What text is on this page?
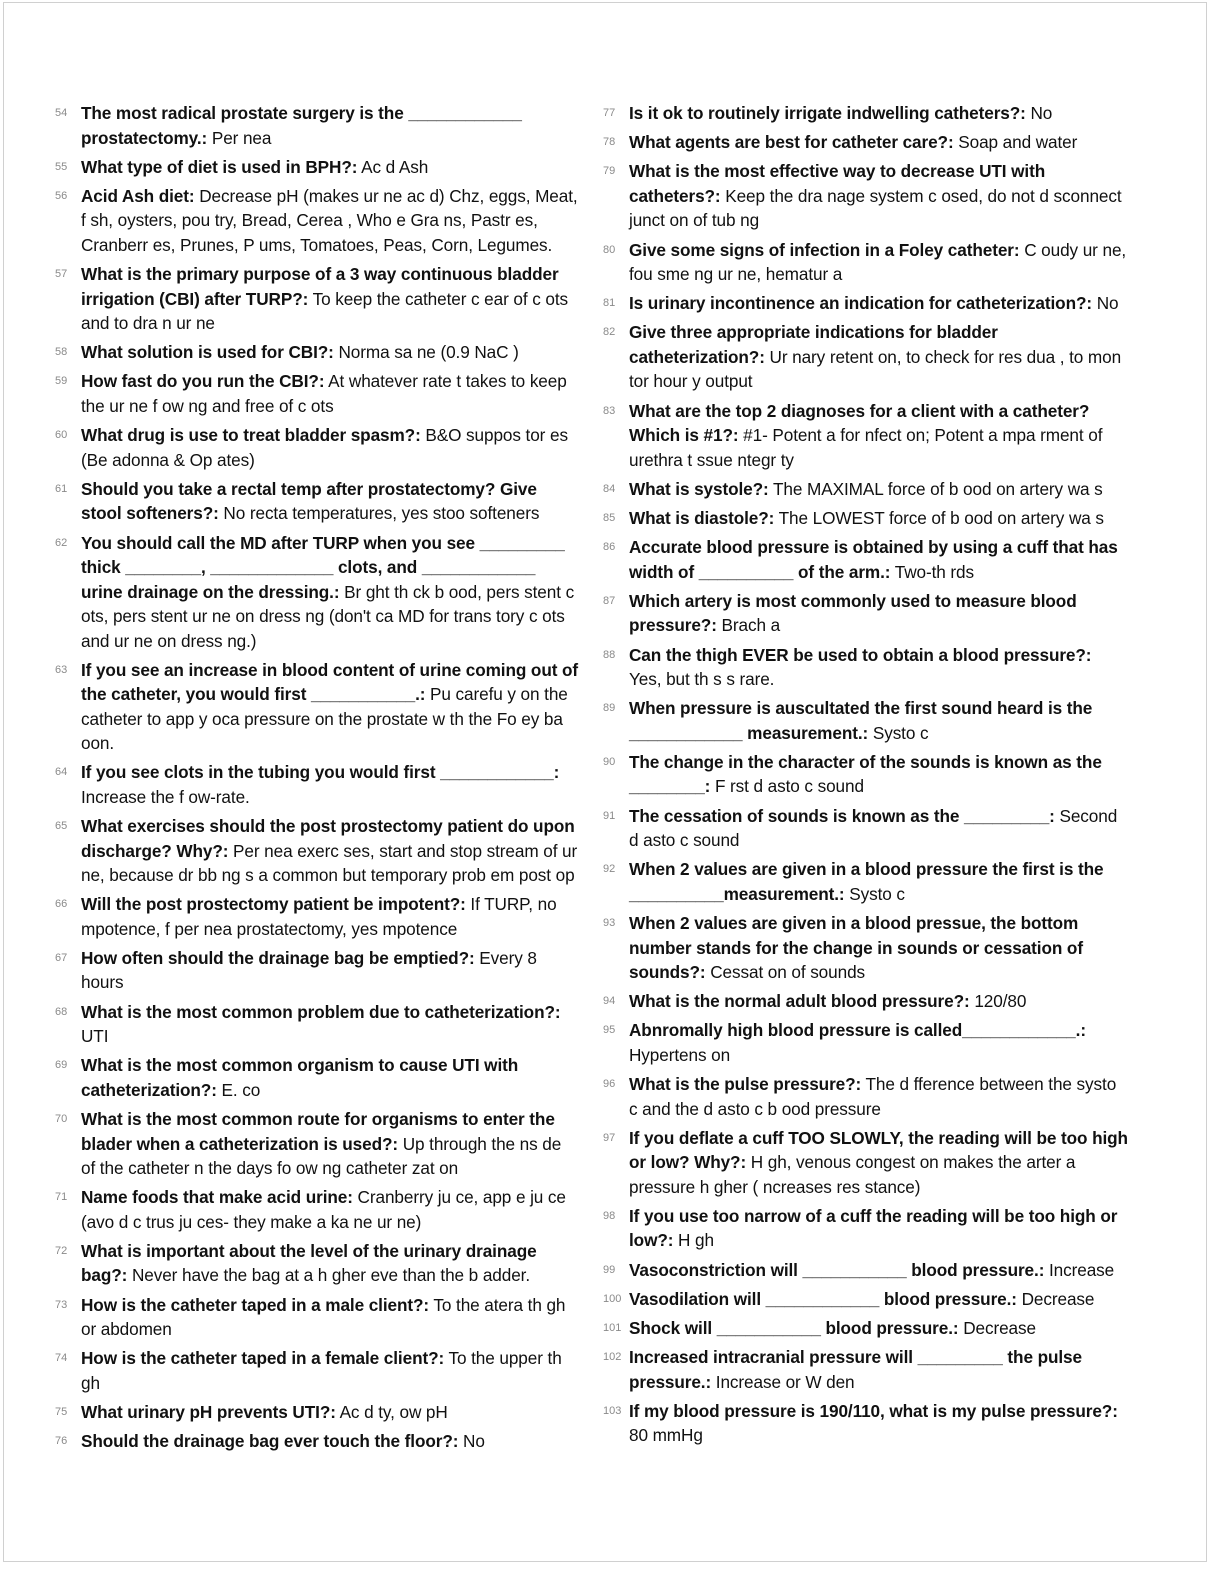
54 The most radical prostate surgery is the ____________ prostatectomy.: Per nea
55 What type of diet is used in BPH?: Ac d Ash
56 Acid Ash diet: Decrease pH (makes ur ne ac d) Chz, eggs, Meat, f sh, oysters, pou try, Bread, Cerea , Who e Gra ns, Pastr es, Cranberr es, Prunes, P ums, Tomatoes, Peas, Corn, Legumes.
57 What is the primary purpose of a 3 way continuous bladder irrigation (CBI) after TURP?: To keep the catheter c ear of c ots and to dra n ur ne
58 What solution is used for CBI?: Norma sa ne (0.9 NaC )
59 How fast do you run the CBI?: At whatever rate t takes to keep the ur ne f ow ng and free of c ots
60 What drug is use to treat bladder spasm?: B&O suppos tor es (Be adonna & Op ates)
61 Should you take a rectal temp after prostatectomy? Give stool softeners?: No recta temperatures, yes stoo softeners
62 You should call the MD after TURP when you see _________ thick ________, _____________ clots, and ____________ urine drainage on the dressing.: Br ght th ck b ood, pers stent c ots, pers stent ur ne on dress ng (don't ca MD for trans tory c ots and ur ne on dress ng.)
63 If you see an increase in blood content of urine coming out of the catheter, you would first ___________.: Pu carefu y on the catheter to app y oca pressure on the prostate w th the Fo ey ba oon.
64 If you see clots in the tubing you would first ____________: Increase the f ow-rate.
65 What exercises should the post prostectomy patient do upon discharge? Why?: Per nea exerc ses, start and stop stream of ur ne, because dr bb ng s a common but temporary prob em post op
66 Will the post prostectomy patient be impotent?: If TURP, no mpotence, f per nea prostatectomy, yes mpotence
67 How often should the drainage bag be emptied?: Every 8 hours
68 What is the most common problem due to catheterization?: UTI
69 What is the most common organism to cause UTI with catheterization?: E. co
70 What is the most common route for organisms to enter the blader when a catheterization is used?: Up through the ns de of the catheter n the days fo ow ng catheter zat on
71 Name foods that make acid urine: Cranberry ju ce, app e ju ce (avo d c trus ju ces- they make a ka ne ur ne)
72 What is important about the level of the urinary drainage bag?: Never have the bag at a h gher eve than the b adder.
73 How is the catheter taped in a male client?: To the atera th gh or abdomen
74 How is the catheter taped in a female client?: To the upper th gh
75 What urinary pH prevents UTI?: Ac d ty, ow pH
76 Should the drainage bag ever touch the floor?: No
77 Is it ok to routinely irrigate indwelling catheters?: No
78 What agents are best for catheter care?: Soap and water
79 What is the most effective way to decrease UTI with catheters?: Keep the dra nage system c osed, do not d sconnect junct on of tub ng
80 Give some signs of infection in a Foley catheter: C oudy ur ne, fou sme ng ur ne, hematur a
81 Is urinary incontinence an indication for catheterization?: No
82 Give three appropriate indications for bladder catheterization?: Ur nary retent on, to check for res dua , to mon tor hour y output
83 What are the top 2 diagnoses for a client with a catheter? Which is #1?: #1- Potent a for nfect on; Potent a mpa rment of urethra t ssue ntegr ty
84 What is systole?: The MAXIMAL force of b ood on artery wa s
85 What is diastole?: The LOWEST force of b ood on artery wa s
86 Accurate blood pressure is obtained by using a cuff that has width of __________ of the arm.: Two-th rds
87 Which artery is most commonly used to measure blood pressure?: Brach a
88 Can the thigh EVER be used to obtain a blood pressure?: Yes, but th s s rare.
89 When pressure is auscultated the first sound heard is the ____________ measurement.: Systo c
90 The change in the character of the sounds is known as the ________: F rst d asto c sound
91 The cessation of sounds is known as the _________: Second d asto c sound
92 When 2 values are given in a blood pressure the first is the __________measurement.: Systo c
93 When 2 values are given in a blood pressue, the bottom number stands for the change in sounds or cessation of sounds?: Cessat on of sounds
94 What is the normal adult blood pressure?: 120/80
95 Abnromally high blood pressure is called____________.: Hypertens on
96 What is the pulse pressure?: The d fference between the systo c and the d asto c b ood pressure
97 If you deflate a cuff TOO SLOWLY, the reading will be too high or low? Why?: H gh, venous congest on makes the arter a pressure h gher ( ncreases res stance)
98 If you use too narrow of a cuff the reading will be too high or low?: H gh
99 Vasoconstriction will ___________ blood pressure.: Increase
100 Vasodilation will ____________ blood pressure.: Decrease
101 Shock will ___________ blood pressure.: Decrease
102 Increased intracranial pressure will _________ the pulse pressure.: Increase or W den
103 If my blood pressure is 190/110, what is my pulse pressure?: 80 mmHg
